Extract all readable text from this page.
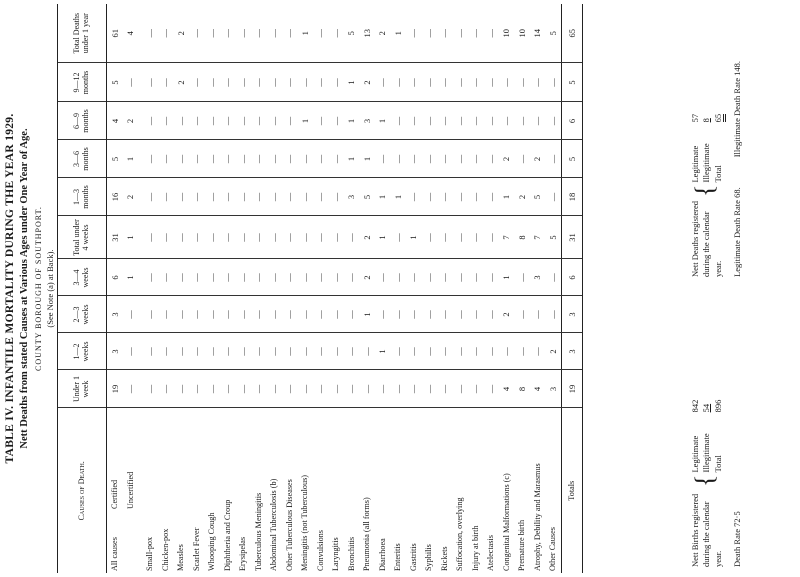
TABLE IV. INFANTILE MORTALITY DURING THE YEAR 1929. Nett Deaths from stated Causes at Various Ages under One Year of Age. COUNTY BOROUGH OF SOUTHPORT. (See Note (a) at Back).
Causes of Death.	Under 1 week	1—2 weeks	2—3 weeks	3—4 weeks	Total under 4 weeks	1—3 months	3—6 months	6—9 months	9—12 months	Total Deaths under 1 year
All causesCertified	19	3	3	6	31	16	5	4	5	61
Uncertified	—	—	—	1	1	2	1	2	—	4

Small-pox	—	—	—	—	—	—	—	—	—	—
Chicken-pox	—	—	—	—	—	—	—	—	—	—
Measles	—	—	—	—	—	—	—	—	2	2
Scarlet Fever	—	—	—	—	—	—	—	—	—	—
Whooping Cough	—	—	—	—	—	—	—	—	—	—
Diphtheria and Croup	—	—	—	—	—	—	—	—	—	—
Erysipelas	—	—	—	—	—	—	—	—	—	—
Tuberculous Meningitis	—	—	—	—	—	—	—	—	—	—
Abdominal Tuberculosis (b)	—	—	—	—	—	—	—	—	—	—
Other Tuberculous Diseases	—	—	—	—	—	—	—	—	—	—
Meningitis (not Tuberculous)	—	—	—	—	—	—	—	1	—	1
Convulsions	—	—	—	—	—	—	—	—	—	—
Laryngitis	—	—	—	—	—	—	—	—	—	—
Bronchitis	—	—	—	—	—	3	1	1	1	5
Pneumonia (all forms)	—	—	1	2	2	5	1	3	2	13
Diarrhoea	—	1	—	—	1	1	—	1	—	2
Enteritis	—	—	—	—	—	1	—	—	—	1
Gastritis	—	—	—	—	1	—	—	—	—	—
Syphilis	—	—	—	—	—	—	—	—	—	—
Rickets	—	—	—	—	—	—	—	—	—	—
Suffocation, overlying	—	—	—	—	—	—	—	—	—	—
Injury at birth	—	—	—	—	—	—	—	—	—	—
Atelectasis	—	—	—	—	—	—	—	—	—	—
Congenital Malformations (c)	4	—	2	1	7	1	2	—	—	10
Premature birth	8	—	—	—	8	2	—	—	—	10
Atrophy, Debility and Marasmus	4	—	—	3	7	5	2	—	—	14
Other Causes	3	2	—	—	5	—	—	—	—	5
Totals	19	3	3	6	31	18	5	6	5	65
Nett Births registered during the calendar year.
{
Legitimate 842
Illegitimate 54
Total 896
Death Rate 72·5
Nett Deaths registered during the calendar year.
{
Legitimate 57
Illegitimate 8
Total 65
Legitimate Death Rate 68.
Illegitimate Death Rate 148.
